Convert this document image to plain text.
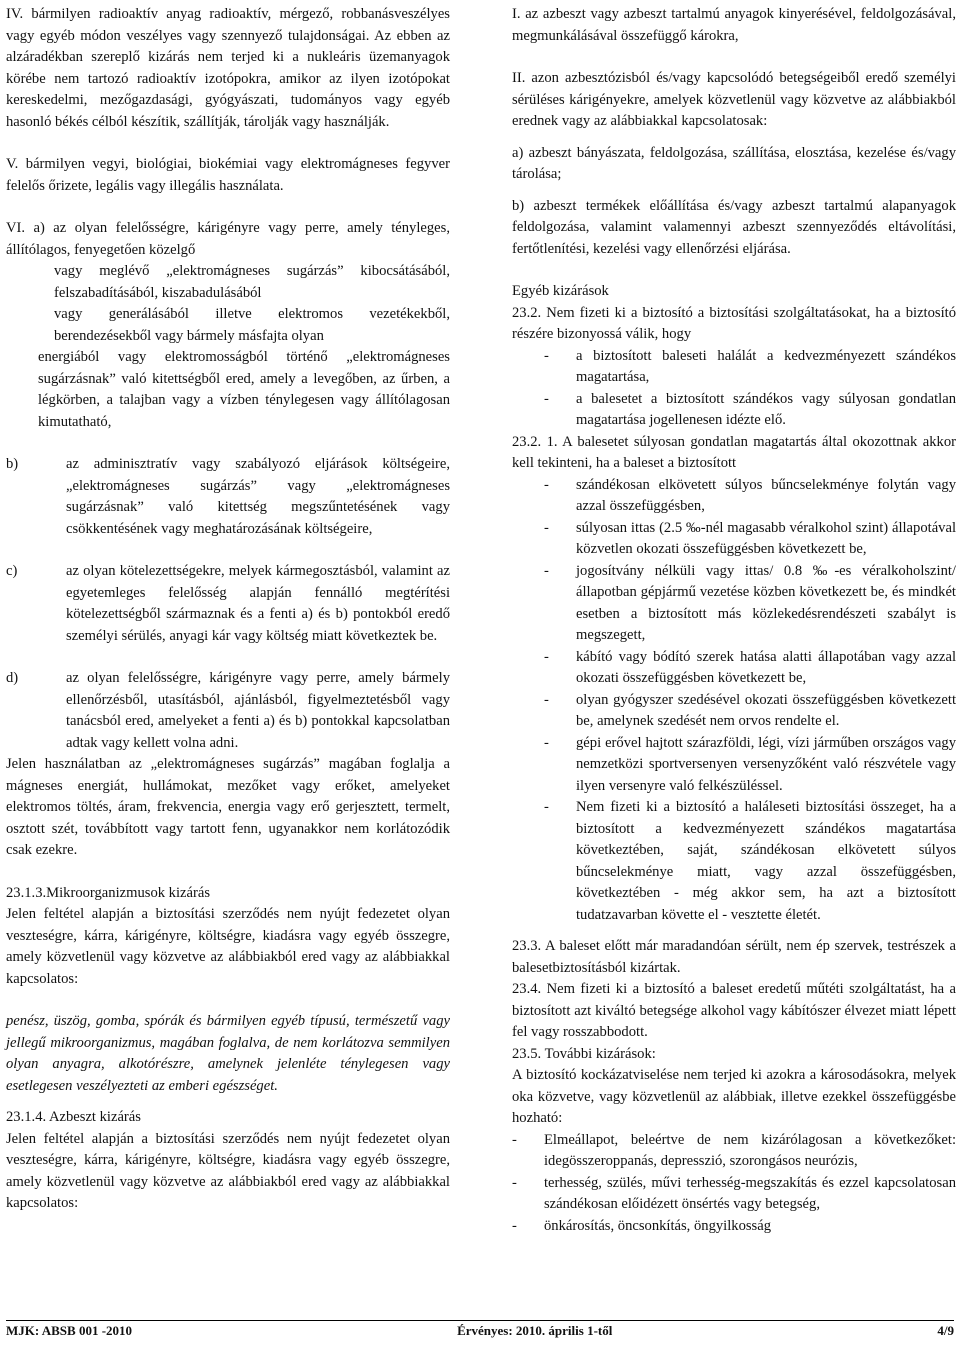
IV. bármilyen radioaktív anyag radioaktív, mérgező, robbanásveszélyes vagy egyéb módon veszélyes vagy szennyező tulajdonságai. Az ebben az alzáradékban szereplő kizárás nem terjed ki a nukleáris üzemanyagok körébe nem tartozó radioaktív izotópokra, amikor az ilyen izotópokat kereskedelmi, mezőgazdasági, gyógyászati, tudományos vagy egyéb hasonló békés célból készítik, szállítják, tárolják vagy használják.

V. bármilyen vegyi, biológiai, biokémiai vagy elektromágneses fegyver felelős őrizete, legális vagy illegális használata.

VI. a) az olyan felelősségre, kárigényre vagy perre, amely tényleges, állítólagos, fenyegetően közelgő

vagy meglévő „elektromágneses sugárzás” kibocsátásából, felszabadításából, kiszabadulásából

vagy generálásából illetve elektromos vezetékekből, berendezésekből vagy bármely másfajta olyan

energiából vagy elektromosságból történő „elektromágneses sugárzásnak” való kitettségből ered, amely a levegőben, az űrben, a légkörben, a talajban vagy a vízben ténylegesen vagy állítólagosan kimutatható,

b)	az adminisztratív vagy szabályozó eljárások költségeire, „elektromágneses sugárzás” vagy „elektromágneses sugárzásnak” való kitettség megszűntetésének vagy csökkentésének vagy meghatározásának költségeire,
c)	az olyan kötelezettségekre, melyek kármegosztásból, valamint az egyetemleges felelősség alapján fennálló megtérítési kötelezettségből származnak és a fenti a) és b) pontokból eredő személyi sérülés, anyagi kár vagy költség miatt következtek be.
d)	az olyan felelősségre, kárigényre vagy perre, amely bármely ellenőrzésből, utasításból, ajánlásból, figyelmeztetésből vagy tanácsból ered, amelyeket a fenti a) és b) pontokkal kapcsolatban adtak vagy kellett volna adni.

Jelen használatban az „elektromágneses sugárzás” magában foglalja a mágneses energiát, hullámokat, mezőket vagy erőket, amelyeket elektromos töltés, áram, frekvencia, energia vagy erő gerjesztett, termelt, osztott szét, továbbított vagy tartott fenn, ugyanakkor nem korlátozódik csak ezekre.

23.1.3.Mikroorganizmusok kizárás

Jelen feltétel alapján a biztosítási szerződés nem nyújt fedezetet olyan veszteségre, kárra, kárigényre, költségre, kiadásra vagy egyéb összegre, amely közvetlenül vagy közvetve az alábbiakból ered vagy az alábbiakkal kapcsolatos:

penész, üszög, gomba, spórák és bármilyen egyéb típusú, természetű vagy jellegű mikroorganizmus, magában foglalva, de nem korlátozva semmilyen olyan anyagra, alkotórészre, amelynek jelenléte ténylegesen vagy esetlegesen veszélyezteti az emberi egészséget.

23.1.4. Azbeszt kizárás

Jelen feltétel alapján a biztosítási szerződés nem nyújt fedezetet olyan veszteségre, kárra, kárigényre, költségre, kiadásra vagy egyéb összegre, amely közvetlenül vagy közvetve az alábbiakból ered vagy az alábbiakkal kapcsolatos:

I. az azbeszt vagy azbeszt tartalmú anyagok kinyerésével, feldolgozásával, megmunkálásával összefüggő károkra,

II. azon azbesztózisból és/vagy kapcsolódó betegségeiből eredő személyi sérüléses kárigényekre, amelyek közvetlenül vagy közvetve az alábbiakból erednek vagy az alábbiakkal kapcsolatosak:

a) azbeszt bányászata, feldolgozása, szállítása, elosztása, kezelése és/vagy tárolása;

b) azbeszt termékek előállítása és/vagy azbeszt tartalmú alapanyagok feldolgozása, valamint valamennyi azbeszt szennyeződés eltávolítási, fertőtlenítési, kezelési vagy ellenőrzési eljárása.

Egyéb kizárások

23.2. Nem fizeti ki a biztosító a biztosítási szolgáltatásokat, ha a biztosító részére bizonyossá válik, hogy

-	a biztosított baleseti halálát a kedvezményezett szándékos magatartása,
-	a balesetet a biztosított szándékos vagy súlyosan gondatlan magatartása jogellenesen idézte elő.

23.2. 1. A balesetet súlyosan gondatlan magatartás által okozottnak akkor kell tekinteni, ha a baleset a biztosított

-	szándékosan elkövetett súlyos bűncselekménye folytán vagy azzal összefüggésben,
-	súlyosan ittas (2.5 ‰-nél magasabb véralkohol szint) állapotával közvetlen okozati összefüggésben következett be,
-	jogosítvány nélküli vagy ittas/ 0.8 ‰-es véralkoholszint/ állapotban gépjármű vezetése közben következett be, és mindkét esetben a biztosított más közlekedésrendészeti szabályt is megszegett,
-	kábító vagy bódító szerek hatása alatti állapotában vagy azzal okozati összefüggésben következett be,
-	olyan gyógyszer szedésével okozati összefüggésben következett be, amelynek szedését nem orvos rendelte el.
-	gépi erővel hajtott szárazföldi, légi, vízi járműben országos vagy nemzetközi sportversenyen versenyzőként való részvétele vagy ilyen versenyre való felkészüléssel.
-	Nem fizeti ki a biztosító a haláleseti biztosítási összeget, ha a biztosított a kedvezményezett szándékos magatartása következtében, saját, szándékosan elkövetett súlyos bűncselekménye miatt, vagy azzal összefüggésben, következtében - még akkor sem, ha azt a biztosított tudatzavarban követte el - vesztette életét.

23.3. A baleset előtt már maradandóan sérült, nem ép szervek, testrészek a balesetbiztosításból kizártak.

23.4. Nem fizeti ki a biztosító a baleset eredetű műtéti szolgáltatást, ha a biztosított azt kiváltó betegsége alkohol vagy kábítószer élvezet miatt lépett fel vagy rosszabbodott.

23.5. További kizárások:

A biztosító kockázatviselése nem terjed ki azokra a károsodásokra, melyek oka közvetve, vagy közvetlenül az alábbiak, illetve ezekkel összefüggésbe hozható:

-	Elmeállapot, beleértve de nem kizárólagosan a következőket: idegösszeroppanás, depresszió, szorongásos neurózis,
-	terhesség, szülés, művi terhesség-megszakítás és ezzel kapcsolatosan szándékosan előidézett önsértés vagy betegség,
-	önkárosítás, öncsonkítás, öngyilkosság
MJK: ABSB 001 -2010	Érvényes: 2010. április 1-től	4/9
